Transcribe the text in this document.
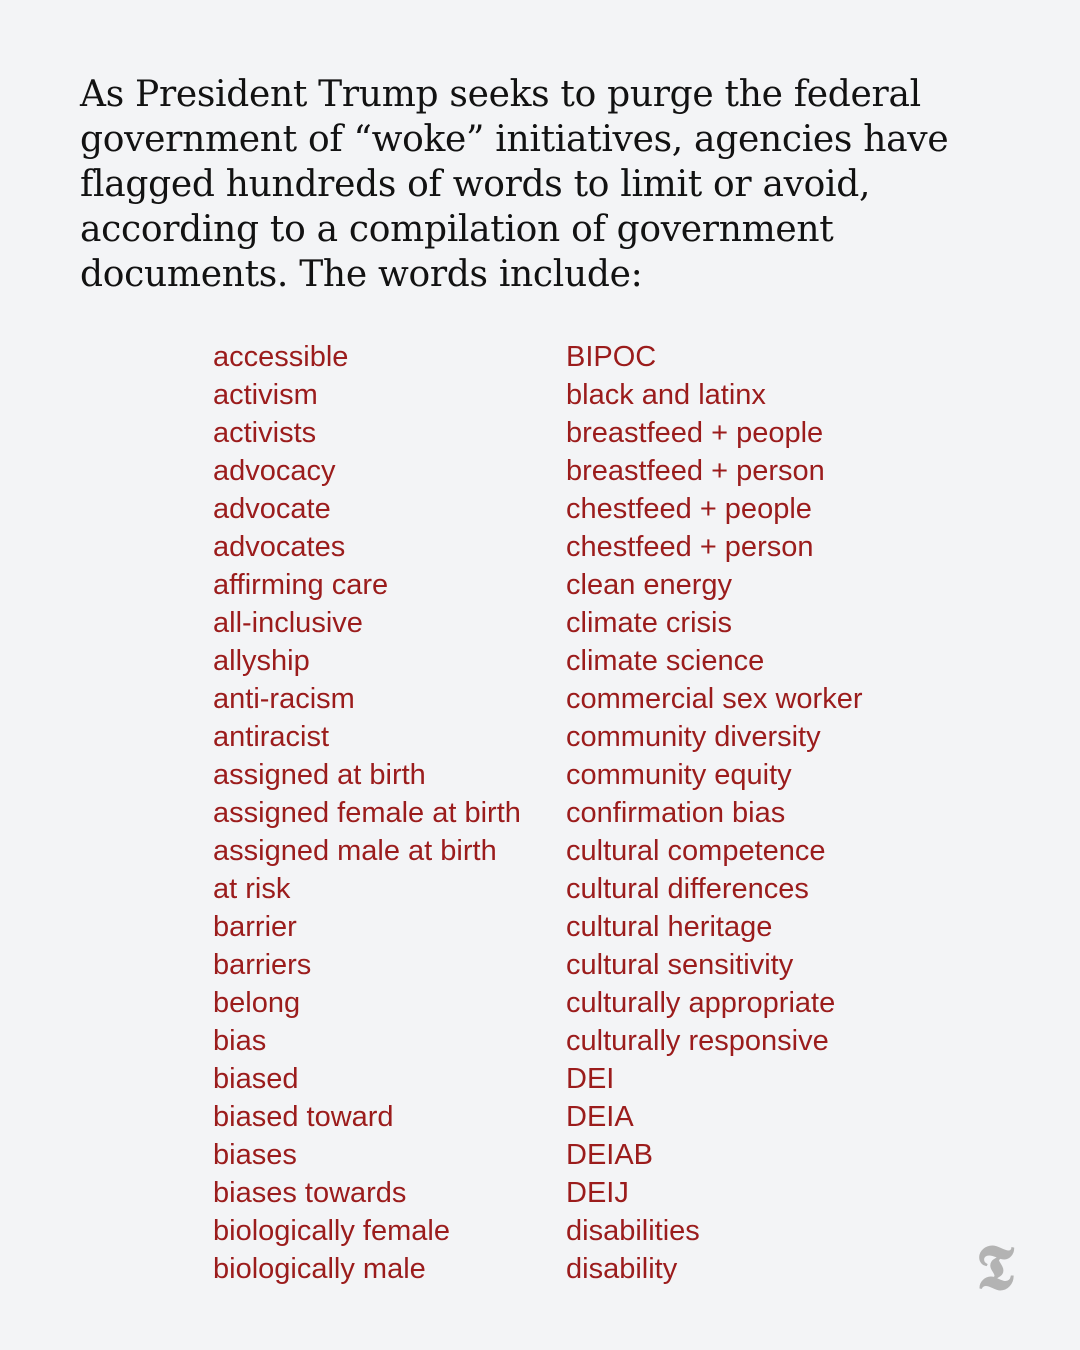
As President Trump seeks to purge the federal government of “woke” initiatives, agencies have flagged hundreds of words to limit or avoid, according to a compilation of government documents. The words include:

accessible
activism
activists
advocacy
advocate
advocates
affirming care
all-inclusive
allyship
anti-racism
antiracist
assigned at birth
assigned female at birth
assigned male at birth
at risk
barrier
barriers
belong
bias
biased
biased toward
biases
biases towards
biologically female
biologically male
BIPOC
black and latinx
breastfeed + people
breastfeed + person
chestfeed + people
chestfeed + person
clean energy
climate crisis
climate science
commercial sex worker
community diversity
community equity
confirmation bias
cultural competence
cultural differences
cultural heritage
cultural sensitivity
culturally appropriate
culturally responsive
DEI
DEIA
DEIAB
DEIJ
disabilities
disability	𝕿
